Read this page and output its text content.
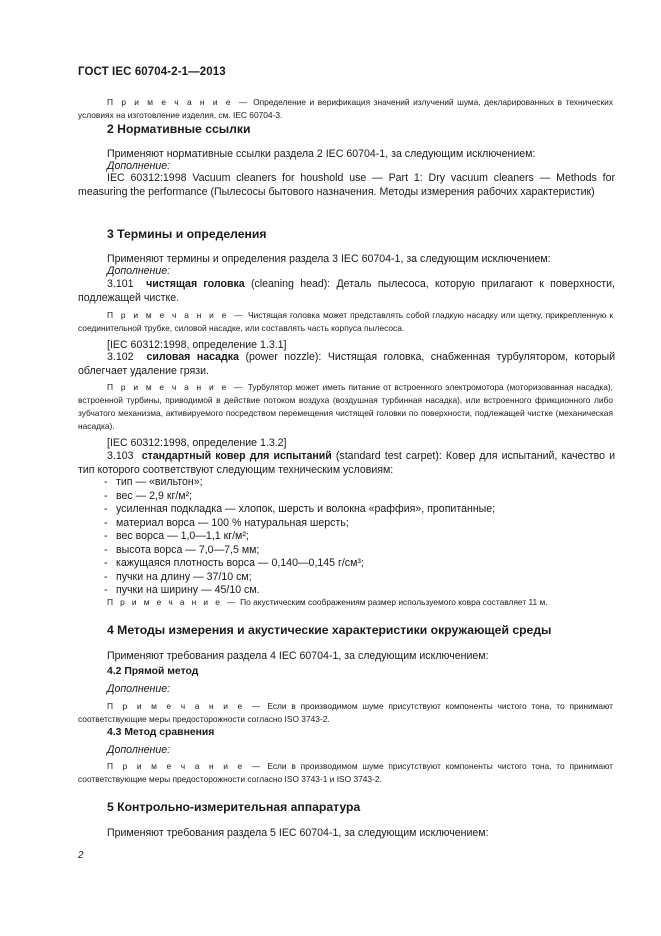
ГОСТ IEC 60704-2-1—2013
П р и м е ч а н и е — Определение и верификация значений излучений шума, декларированных в технических условиях на изготовление изделия, см. IEC 60704-3.
2 Нормативные ссылки
Применяют нормативные ссылки раздела 2 IEC 60704-1, за следующим исключением:
Дополнение:
IEC 60312:1998 Vacuum cleaners for houshold use — Part 1: Dry vacuum cleaners — Methods for measuring the performance (Пылесосы бытового назначения. Методы измерения рабочих характеристик)
3 Термины и определения
Применяют термины и определения раздела 3 IEC 60704-1, за следующим исключением:
Дополнение:
3.101 чистящая головка (cleaning head): Деталь пылесоса, которую прилагают к поверхности, подлежащей чистке.
П р и м е ч а н и е — Чистящая головка может представлять собой гладкую насадку или щетку, прикрепленную к соединительной трубке, силовой насадке, или составлять часть корпуса пылесоса.
[IEC 60312:1998, определение 1.3.1]
3.102 силовая насадка (power nozzle): Чистящая головка, снабженная турбулятором, который облегчает удаление грязи.
П р и м е ч а н и е — Турбулятор может иметь питание от встроенного электромотора (моторизованная насадка), встроенной турбины, приводимой в действие потоком воздуха (воздушная турбинная насадка), или встроенного фрикционного либо зубчатого механизма, активируемого посредством перемещения чистящей головки по поверхности, подлежащей чистке (механическая насадка).
[IEC 60312:1998, определение 1.3.2]
3.103 стандартный ковер для испытаний (standard test carpet): Ковер для испытаний, качество и тип которого соответствуют следующим техническим условиям:
- тип — «вильтон»;
- вес — 2,9 кг/м²;
- усиленная подкладка — хлопок, шерсть и волокна «раффия», пропитанные;
- материал ворса — 100 % натуральная шерсть;
- вес ворса — 1,0—1,1 кг/м²;
- высота ворса — 7,0—7,5 мм;
- кажущаяся плотность ворса — 0,140—0,145 г/см³;
- пучки на длину — 37/10 см;
- пучки на ширину — 45/10 см.
П р и м е ч а н и е — По акустическим соображениям размер используемого ковра составляет 11 м.
4 Методы измерения и акустические характеристики окружающей среды
Применяют требования раздела 4 IEC 60704-1, за следующим исключением:
4.2 Прямой метод
Дополнение:
П р и м е ч а н и е — Если в производимом шуме присутствуют компоненты чистого тона, то принимают соответствующие меры предосторожности согласно ISO 3743-2.
4.3 Метод сравнения
Дополнение:
П р и м е ч а н и е — Если в производимом шуме присутствуют компоненты чистого тона, то принимают соответствующие меры предосторожности согласно ISO 3743-1 и ISO 3743-2.
5 Контрольно-измерительная аппаратура
Применяют требования раздела 5 IEC 60704-1, за следующим исключением:
2
